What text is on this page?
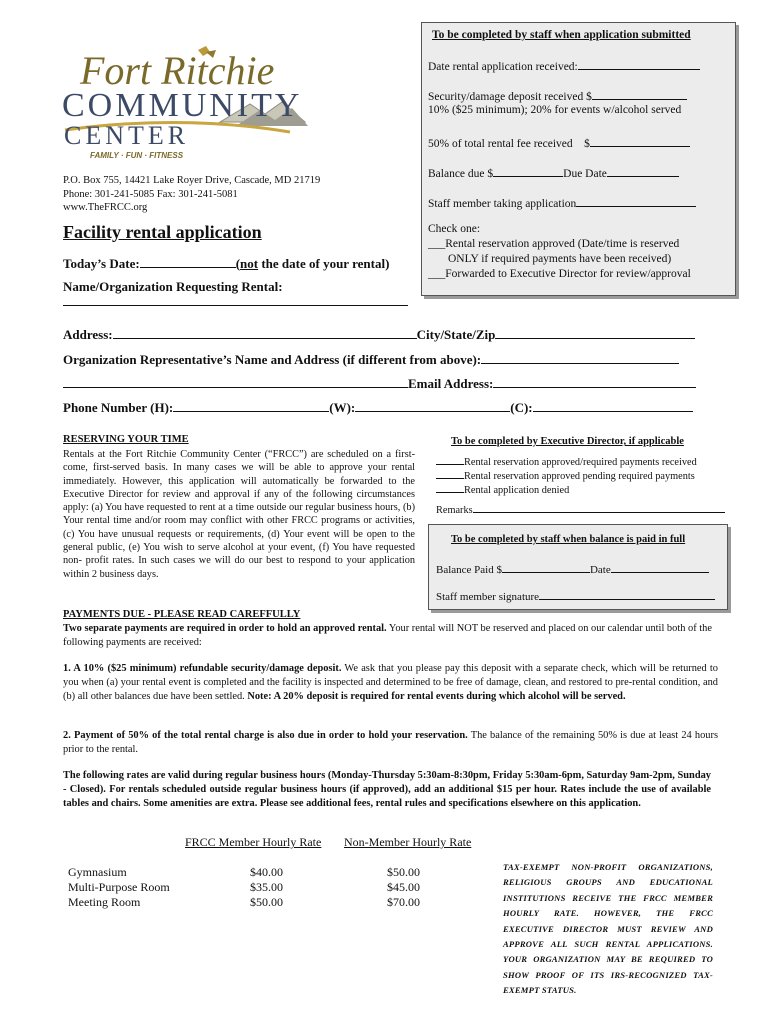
Fort Ritchie
COMMUNITY
CENTER
FAMILY · FUN · FITNESS
P.O. Box 755, 14421 Lake Royer Drive, Cascade, MD 21719
Phone: 301-241-5085 Fax: 301-241-5081
www.TheFRCC.org
To be completed by staff when application submitted
Date rental application received:
Security/damage deposit received $
10% ($25 minimum); 20% for events w/alcohol served
50% of total rental fee received $
Balance due $	Due Date
Staff member taking application
Check one:
___Rental reservation approved (Date/time is reserved
ONLY if required payments have been received)
___Forwarded to Executive Director for review/approval
Facility rental application
Today’s Date:	(not the date of your rental)
Name/Organization Requesting Rental:
Address:	City/State/Zip
Organization Representative’s Name and Address (if different from above):
Email Address:
Phone Number (H):	(W):	(C):
RESERVING YOUR TIME
Rentals at the Fort Ritchie Community Center (“FRCC”) are scheduled on a first-come, first-served basis. In many cases we will be able to approve your rental immediately. However, this application will automatically be forwarded to the Executive Director for review and approval if any of the following circumstances apply: (a) You have requested to rent at a time outside our regular business hours, (b) Your rental time and/or room may conflict with other FRCC programs or activities, (c) You have unusual requests or requirements, (d) Your event will be open to the general public, (e) You wish to serve alcohol at your event, (f) You have requested non- profit rates. In such cases we will do our best to respond to your application within 2 business days.
To be completed by Executive Director, if applicable
Rental reservation approved/required payments received
Rental reservation approved pending required payments
Rental application denied
Remarks
To be completed by staff when balance is paid in full
Balance Paid $	Date
Staff member signature
PAYMENTS DUE - PLEASE READ CAREFFULLY
Two separate payments are required in order to hold an approved rental. Your rental will NOT be reserved and placed on our calendar until both of the following payments are received:
1. A 10% ($25 minimum) refundable security/damage deposit. We ask that you please pay this deposit with a separate check, which will be returned to you when (a) your rental event is completed and the facility is inspected and determined to be free of damage, clean, and restored to pre-rental condition, and (b) all other balances due have been settled. Note: A 20% deposit is required for rental events during which alcohol will be served.
2. Payment of 50% of the total rental charge is also due in order to hold your reservation. The balance of the remaining 50% is due at least 24 hours prior to the rental.
The following rates are valid during regular business hours (Monday-Thursday 5:30am-8:30pm, Friday 5:30am-6pm, Saturday 9am-2pm, Sunday - Closed). For rentals scheduled outside regular business hours (if approved), add an additional $15 per hour. Rates include the use of available tables and chairs. Some amenities are extra. Please see additional fees, rental rules and specifications elsewhere on this application.
FRCC Member Hourly Rate Non-Member Hourly Rate
Gymnasium	$40.00	$50.00
Multi-Purpose Room	$35.00	$45.00
Meeting Room	$50.00	$70.00
TAX-EXEMPT NON-PROFIT ORGANIZATIONS, RELIGIOUS GROUPS AND EDUCATIONAL INSTITUTIONS RECEIVE THE FRCC MEMBER HOURLY RATE. HOWEVER, THE FRCC EXECUTIVE DIRECTOR MUST REVIEW AND APPROVE ALL SUCH RENTAL APPLICATIONS. YOUR ORGANIZATION MAY BE REQUIRED TO SHOW PROOF OF ITS IRS-RECOGNIZED TAX-EXEMPT STATUS.
